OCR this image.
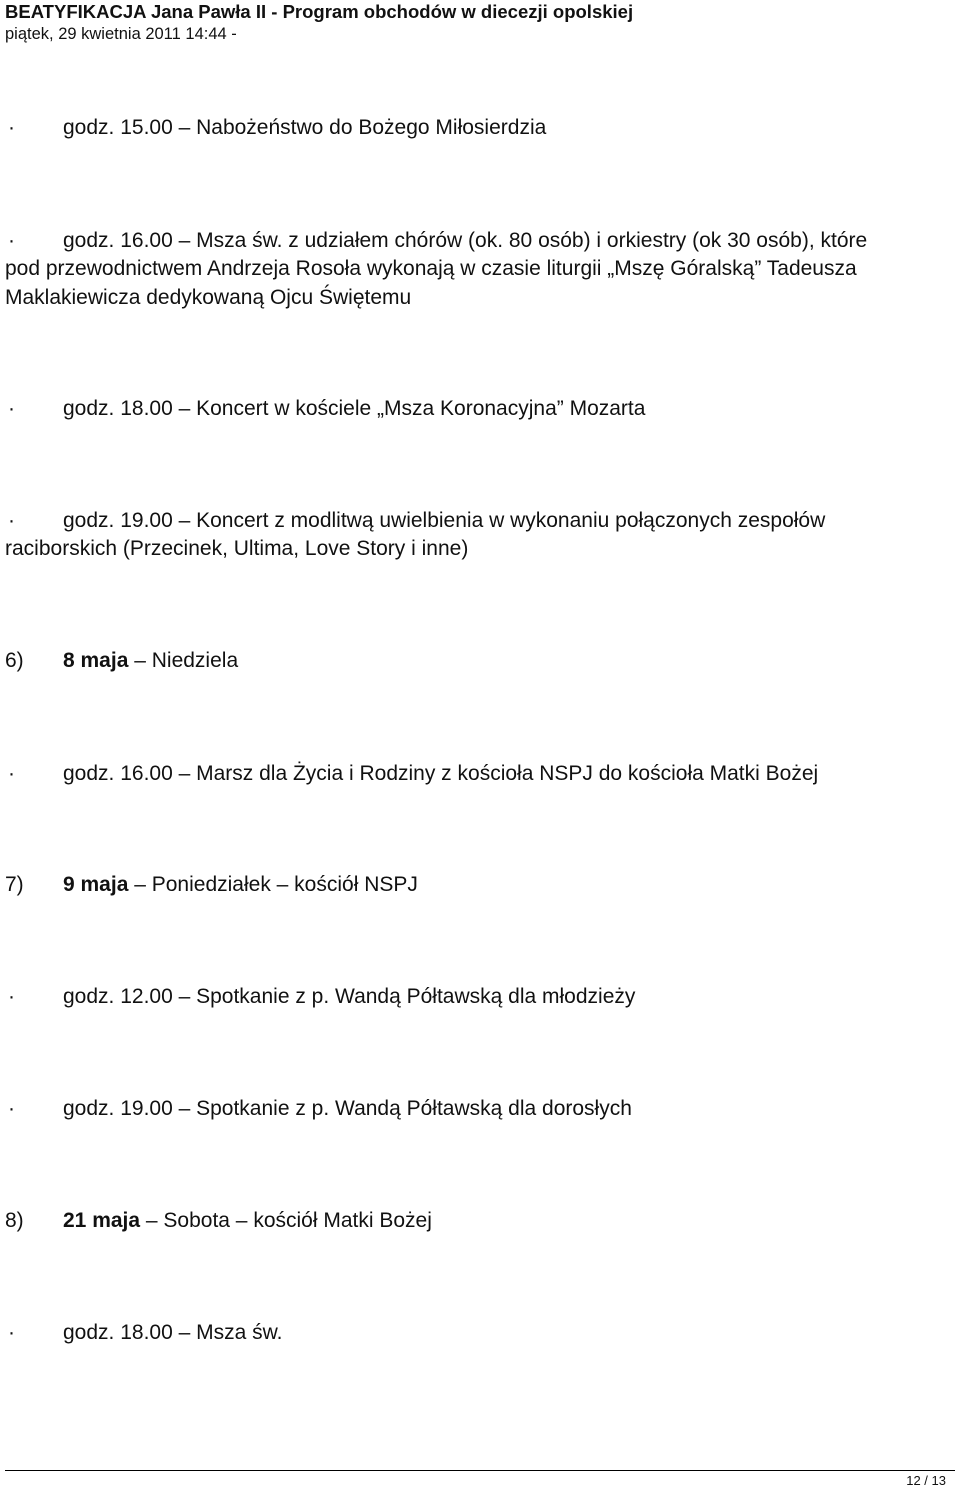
BEATYFIKACJA Jana Pawła II - Program obchodów w diecezji opolskiej
piątek, 29 kwietnia 2011 14:44 -
· godz. 15.00 – Nabożeństwo do Bożego Miłosierdzia
· godz. 16.00 – Msza św. z udziałem chórów (ok. 80 osób) i orkiestry (ok 30 osób), które
pod przewodnictwem Andrzeja Rosoła wykonają w czasie liturgii „Mszę Góralską” Tadeusza Maklakiewicza dedykowaną Ojcu Świętemu
· godz. 18.00 – Koncert w kościele „Msza Koronacyjna” Mozarta
· godz. 19.00 – Koncert z modlitwą uwielbienia w wykonaniu połączonych zespołów
raciborskich (Przecinek, Ultima, Love Story i inne)
6) 8 maja – Niedziela
· godz. 16.00 – Marsz dla Życia i Rodziny z kościoła NSPJ do kościoła Matki Bożej
7) 9 maja – Poniedziałek – kościół NSPJ
· godz. 12.00 – Spotkanie z p. Wandą Półtawską dla młodzieży
· godz. 19.00 – Spotkanie z p. Wandą Półtawską dla dorosłych
8) 21 maja – Sobota – kościół Matki Bożej
· godz. 18.00 – Msza św.
12 / 13
